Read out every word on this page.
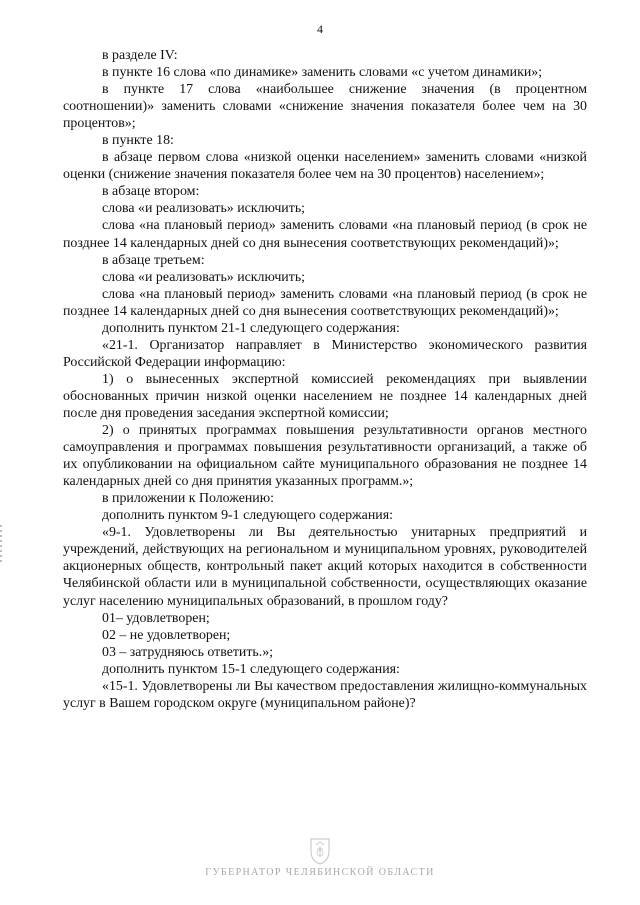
4

в разделе IV:

в пункте 16 слова «по динамике» заменить словами «с учетом динамики»;

в пункте 17 слова «наибольшее снижение значения (в процентном соотношении)» заменить словами «снижение значения показателя более чем на 30 процентов»;

в пункте 18:

в абзаце первом слова «низкой оценки населением» заменить словами «низкой оценки (снижение значения показателя более чем на 30 процентов) населением»;

в абзаце втором:

слова «и реализовать» исключить;

слова «на плановый период» заменить словами «на плановый период (в срок не позднее 14 календарных дней со дня вынесения соответствующих рекомендаций)»;

в абзаце третьем:

слова «и реализовать» исключить;

слова «на плановый период» заменить словами «на плановый период (в срок не позднее 14 календарных дней со дня вынесения соответствующих рекомендаций)»;

дополнить пунктом 21-1 следующего содержания:

«21-1. Организатор направляет в Министерство экономического развития Российской Федерации информацию:

1) о вынесенных экспертной комиссией рекомендациях при выявлении обоснованных причин низкой оценки населением не позднее 14 календарных дней после дня проведения заседания экспертной комиссии;

2) о принятых программах повышения результативности органов местного самоуправления и программах повышения результативности организаций, а также об их опубликовании на официальном сайте муниципального образования не позднее 14 календарных дней со дня принятия указанных программ.»;

в приложении к Положению:

дополнить пунктом 9-1 следующего содержания:

«9-1. Удовлетворены ли Вы деятельностью унитарных предприятий и учреждений, действующих на региональном и муниципальном уровнях, руководителей акционерных обществ, контрольный пакет акций которых находится в собственности Челябинской области или в муниципальной собственности, осуществляющих оказание услуг населению муниципальных образований, в прошлом году?

01– удовлетворен;

02 – не удовлетворен;

03 – затрудняюсь ответить.»;

дополнить пунктом 15-1 следующего содержания:

«15-1. Удовлетворены ли Вы качеством предоставления жилищно-коммунальных услуг в Вашем городском округе (муниципальном районе)?

ГУБЕРНАТОР ЧЕЛЯБИНСКОЙ ОБЛАСТИ
